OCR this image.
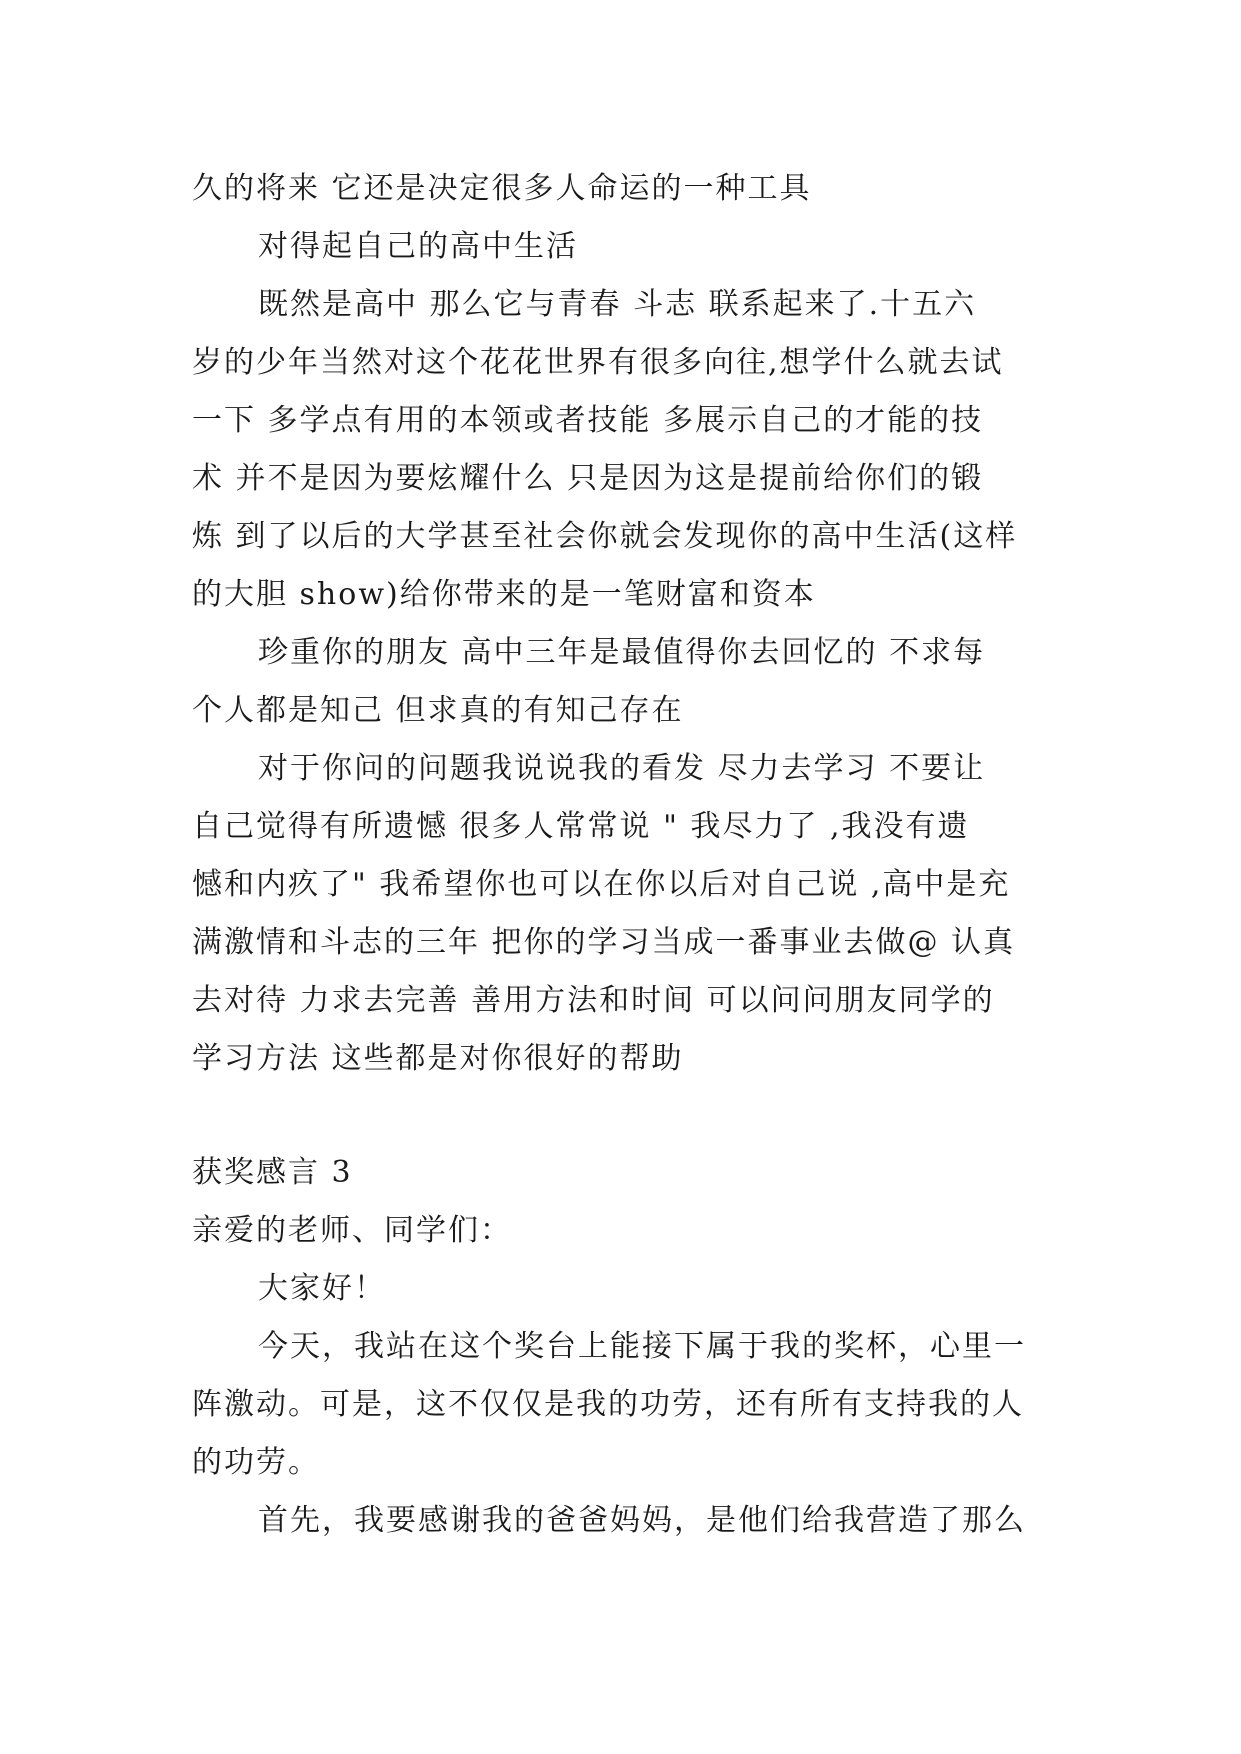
久的将来 它还是决定很多人命运的一种工具
对得起自己的高中生活
既然是高中 那么它与青春 斗志 联系起来了.十五六
岁的少年当然对这个花花世界有很多向往,想学什么就去试
一下 多学点有用的本领或者技能 多展示自己的才能的技
术 并不是因为要炫耀什么 只是因为这是提前给你们的锻
炼 到了以后的大学甚至社会你就会发现你的高中生活(这样
的大胆 show)给你带来的是一笔财富和资本
珍重你的朋友 高中三年是最值得你去回忆的 不求每
个人都是知己 但求真的有知己存在
对于你问的问题我说说我的看发 尽力去学习 不要让
自己觉得有所遗憾 很多人常常说 " 我尽力了 ,我没有遗
憾和内疚了" 我希望你也可以在你以后对自己说 ,高中是充
满激情和斗志的三年 把你的学习当成一番事业去做@ 认真
去对待 力求去完善 善用方法和时间 可以问问朋友同学的
学习方法 这些都是对你很好的帮助
获奖感言 3
亲爱的老师、同学们：
大家好！
今天，我站在这个奖台上能接下属于我的奖杯，心里一
阵激动。可是，这不仅仅是我的功劳，还有所有支持我的人
的功劳。
首先，我要感谢我的爸爸妈妈，是他们给我营造了那么
